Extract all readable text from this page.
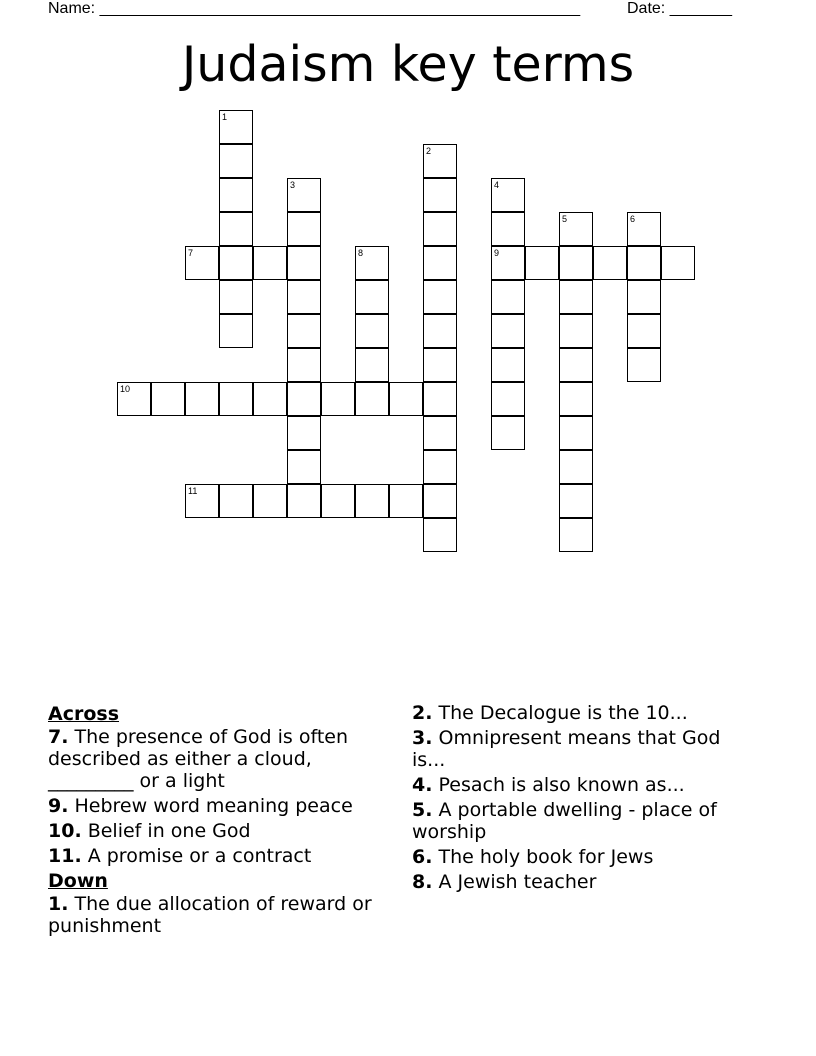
Name: ______________________________________________________	Date: _______
Judaism key terms
1
2
3	4
9
5	6
7	8
10
11
Across
7. The presence of God is often described as either a cloud, _________ or a light
9. Hebrew word meaning peace
10. Belief in one God
11. A promise or a contract
Down
1. The due allocation of reward or punishment
2. The Decalogue is the 10...
3. Omnipresent means that God is...
4. Pesach is also known as...
5. A portable dwelling - place of worship
6. The holy book for Jews
8. A Jewish teacher
